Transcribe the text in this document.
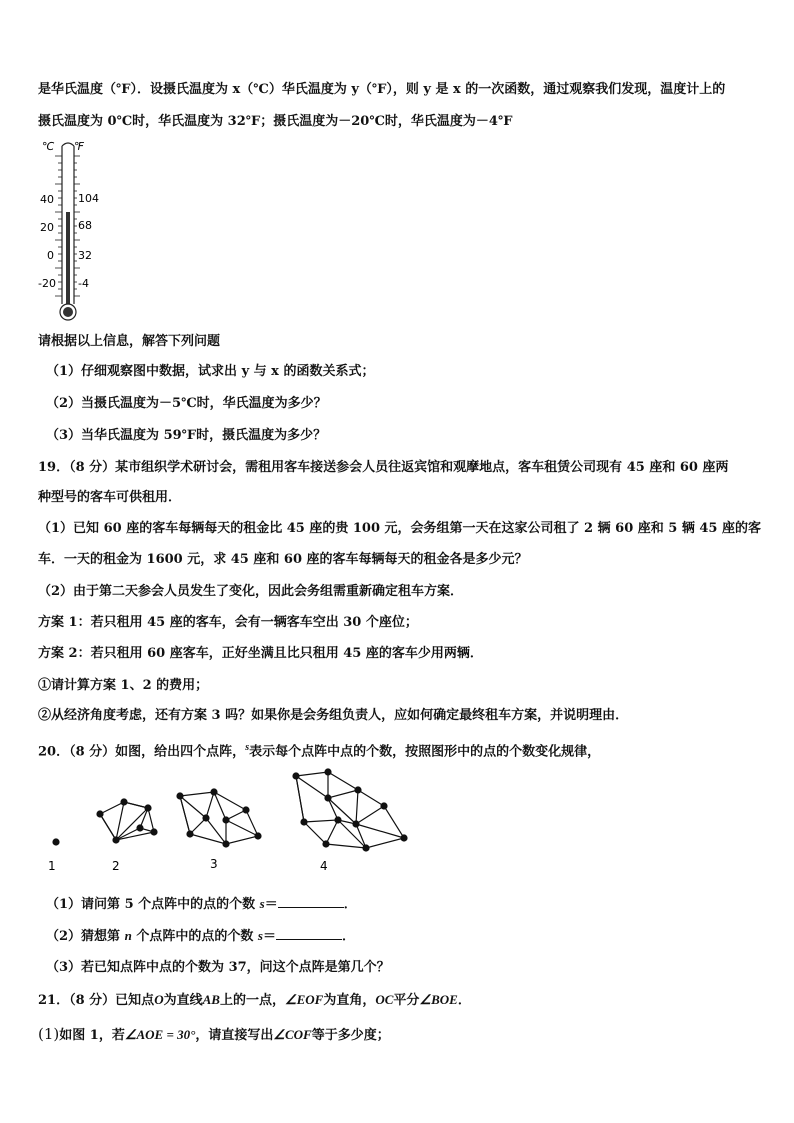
是华氏温度（℉）．设摄氏温度为 x（℃）华氏温度为 y（℉），则 y 是 x 的一次函数，通过观察我们发现，温度计上的
摄氏温度为 0℃时，华氏温度为 32℉；摄氏温度为－20℃时，华氏温度为－4℉
℃ ℉
40
20
0
-20
104
68
32
-4
请根据以上信息，解答下列问题
（1）仔细观察图中数据，试求出 y 与 x 的函数关系式；
（2）当摄氏温度为－5℃时，华氏温度为多少？
（3）当华氏温度为 59℉时，摄氏温度为多少？
19．（8 分）某市组织学术研讨会，需租用客车接送参会人员往返宾馆和观摩地点，客车租赁公司现有 45 座和 60 座两
种型号的客车可供租用．
（1）已知 60 座的客车每辆每天的租金比 45 座的贵 100 元，会务组第一天在这家公司租了 2 辆 60 座和 5 辆 45 座的客
车．一天的租金为 1600 元，求 45 座和 60 座的客车每辆每天的租金各是多少元？
（2）由于第二天参会人员发生了变化，因此会务组需重新确定租车方案．
方案 1：若只租用 45 座的客车，会有一辆客车空出 30 个座位；
方案 2：若只租用 60 座客车，正好坐满且比只租用 45 座的客车少用两辆．
①请计算方案 1、2 的费用；
②从经济角度考虑，还有方案 3 吗？如果你是会务组负责人，应如何确定最终租车方案，并说明理由．
20．（8 分）如图，给出四个点阵，$^s$表示每个点阵中点的个数，按照图形中的点的个数变化规律，
1	2	3	4
（1）请问第 5 个点阵中的点的个数 s＝	．
（2）猜想第 n 个点阵中的点的个数 s＝	．
（3）若已知点阵中点的个数为 37，问这个点阵是第几个？
21．（8 分）已知点O为直线AB上的一点，∠EOF为直角，OC平分∠BOE．
(1)如图 1，若∠AOE = 30°，请直接写出∠COF等于多少度；
